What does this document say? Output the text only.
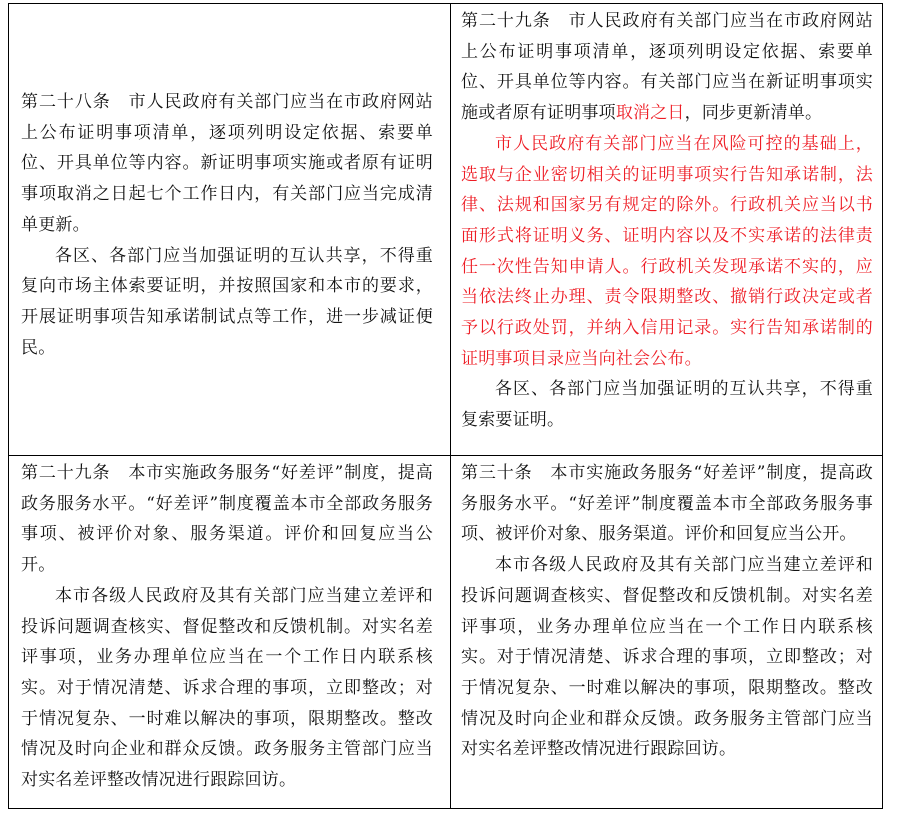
第二十八条　市人民政府有关部门应当在市政府网站上公布证明事项清单，逐项列明设定依据、索要单位、开具单位等内容。新证明事项实施或者原有证明事项取消之日起七个工作日内，有关部门应当完成清单更新。

各区、各部门应当加强证明的互认共享，不得重复向市场主体索要证明，并按照国家和本市的要求，开展证明事项告知承诺制试点等工作，进一步减证便民。

第二十九条　市人民政府有关部门应当在市政府网站上公布证明事项清单，逐项列明设定依据、索要单位、开具单位等内容。有关部门应当在新证明事项实施或者原有证明事项取消之日，同步更新清单。

市人民政府有关部门应当在风险可控的基础上，选取与企业密切相关的证明事项实行告知承诺制，法律、法规和国家另有规定的除外。行政机关应当以书面形式将证明义务、证明内容以及不实承诺的法律责任一次性告知申请人。行政机关发现承诺不实的，应当依法终止办理、责令限期整改、撤销行政决定或者予以行政处罚，并纳入信用记录。实行告知承诺制的证明事项目录应当向社会公布。

各区、各部门应当加强证明的互认共享，不得重复索要证明。

第二十九条　本市实施政务服务“好差评”制度，提高政务服务水平。“好差评”制度覆盖本市全部政务服务事项、被评价对象、服务渠道。评价和回复应当公开。

本市各级人民政府及其有关部门应当建立差评和投诉问题调查核实、督促整改和反馈机制。对实名差评事项，业务办理单位应当在一个工作日内联系核实。对于情况清楚、诉求合理的事项，立即整改；对于情况复杂、一时难以解决的事项，限期整改。整改情况及时向企业和群众反馈。政务服务主管部门应当对实名差评整改情况进行跟踪回访。

第三十条　本市实施政务服务“好差评”制度，提高政务服务水平。“好差评”制度覆盖本市全部政务服务事项、被评价对象、服务渠道。评价和回复应当公开。

本市各级人民政府及其有关部门应当建立差评和投诉问题调查核实、督促整改和反馈机制。对实名差评事项，业务办理单位应当在一个工作日内联系核实。对于情况清楚、诉求合理的事项，立即整改；对于情况复杂、一时难以解决的事项，限期整改。整改情况及时向企业和群众反馈。政务服务主管部门应当对实名差评整改情况进行跟踪回访。
